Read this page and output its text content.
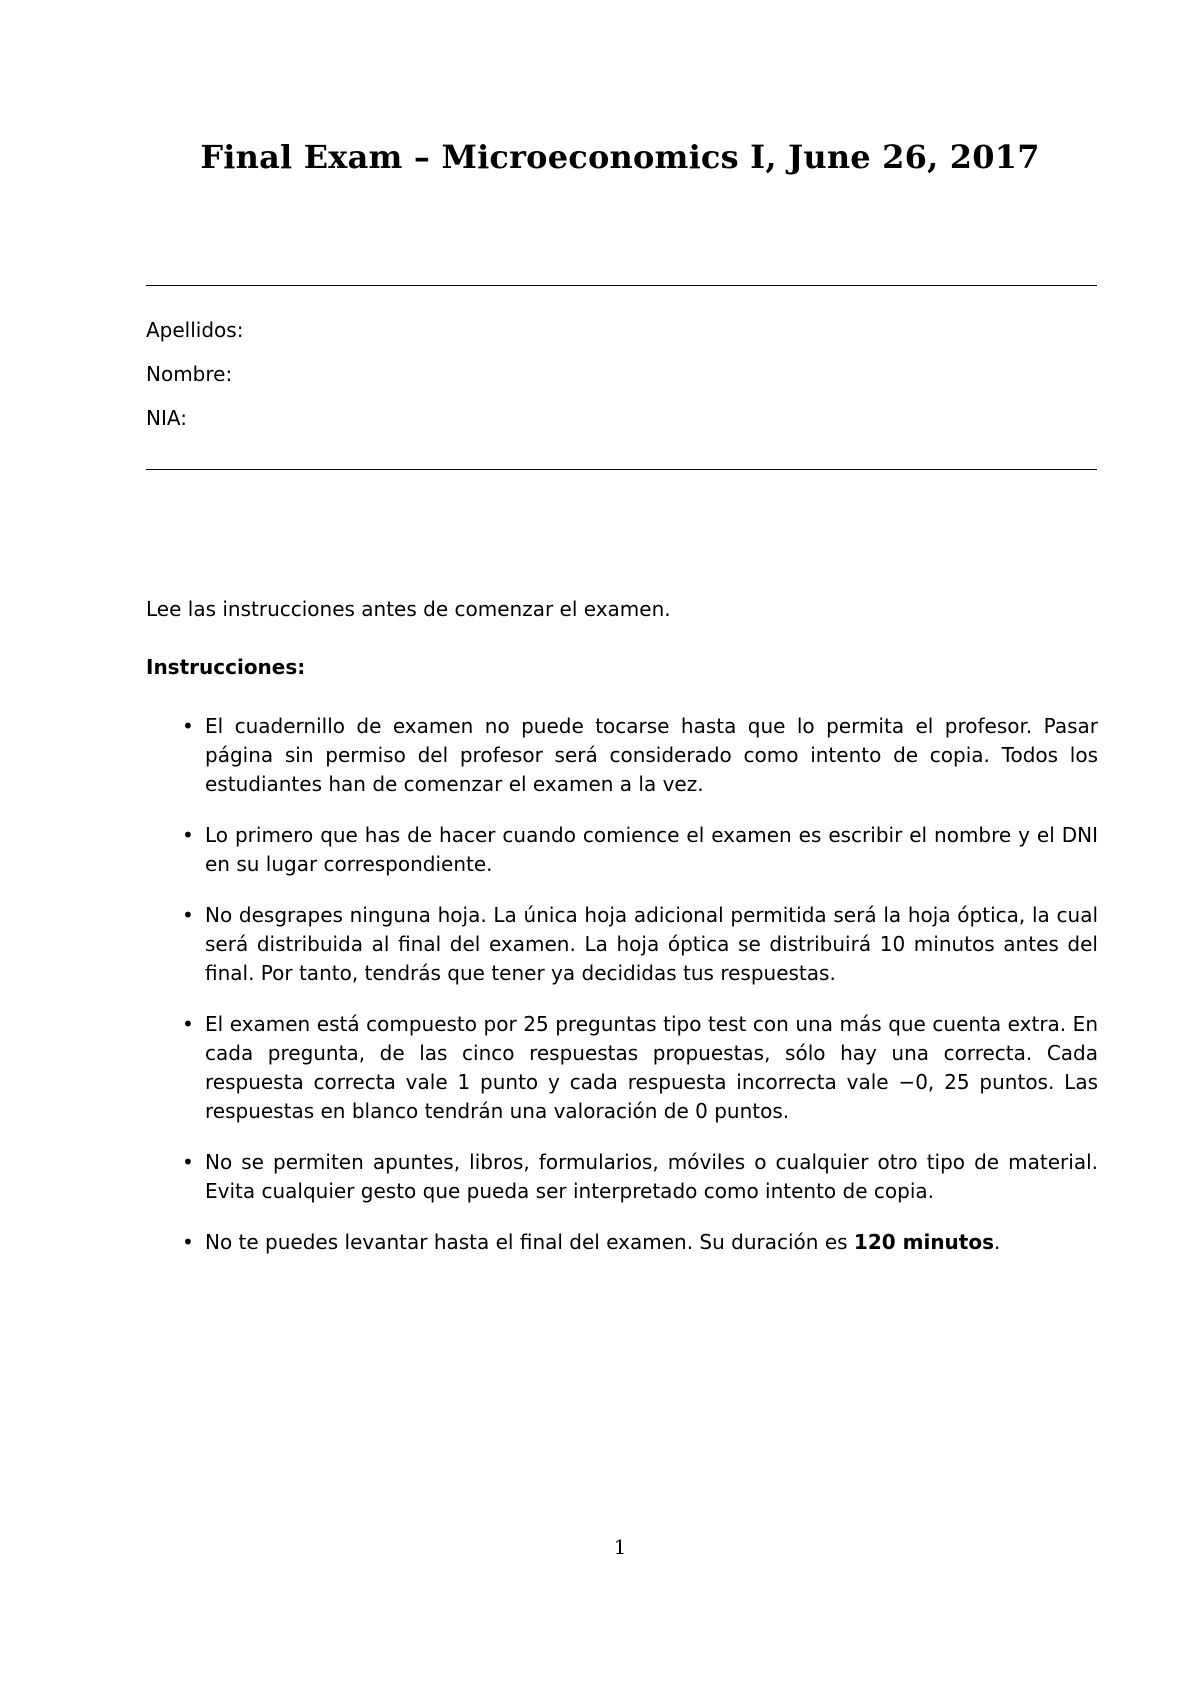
Final Exam – Microeconomics I, June 26, 2017
Apellidos:
Nombre:
NIA:
Lee las instrucciones antes de comenzar el examen.
Instrucciones:
• El cuadernillo de examen no puede tocarse hasta que lo permita el profesor. Pasar página sin permiso del profesor será considerado como intento de copia. Todos los estudiantes han de comenzar el examen a la vez.
• Lo primero que has de hacer cuando comience el examen es escribir el nombre y el DNI en su lugar correspondiente.
• No desgrapes ninguna hoja. La única hoja adicional permitida será la hoja óptica, la cual será distribuida al final del examen. La hoja óptica se distribuirá 10 minutos antes del final. Por tanto, tendrás que tener ya decididas tus respuestas.
• El examen está compuesto por 25 preguntas tipo test con una más que cuenta extra. En cada pregunta, de las cinco respuestas propuestas, sólo hay una correcta. Cada respuesta correcta vale 1 punto y cada respuesta incorrecta vale −0, 25 puntos. Las respuestas en blanco tendrán una valoración de 0 puntos.
• No se permiten apuntes, libros, formularios, móviles o cualquier otro tipo de material. Evita cualquier gesto que pueda ser interpretado como intento de copia.
• No te puedes levantar hasta el final del examen. Su duración es 120 minutos.
1
